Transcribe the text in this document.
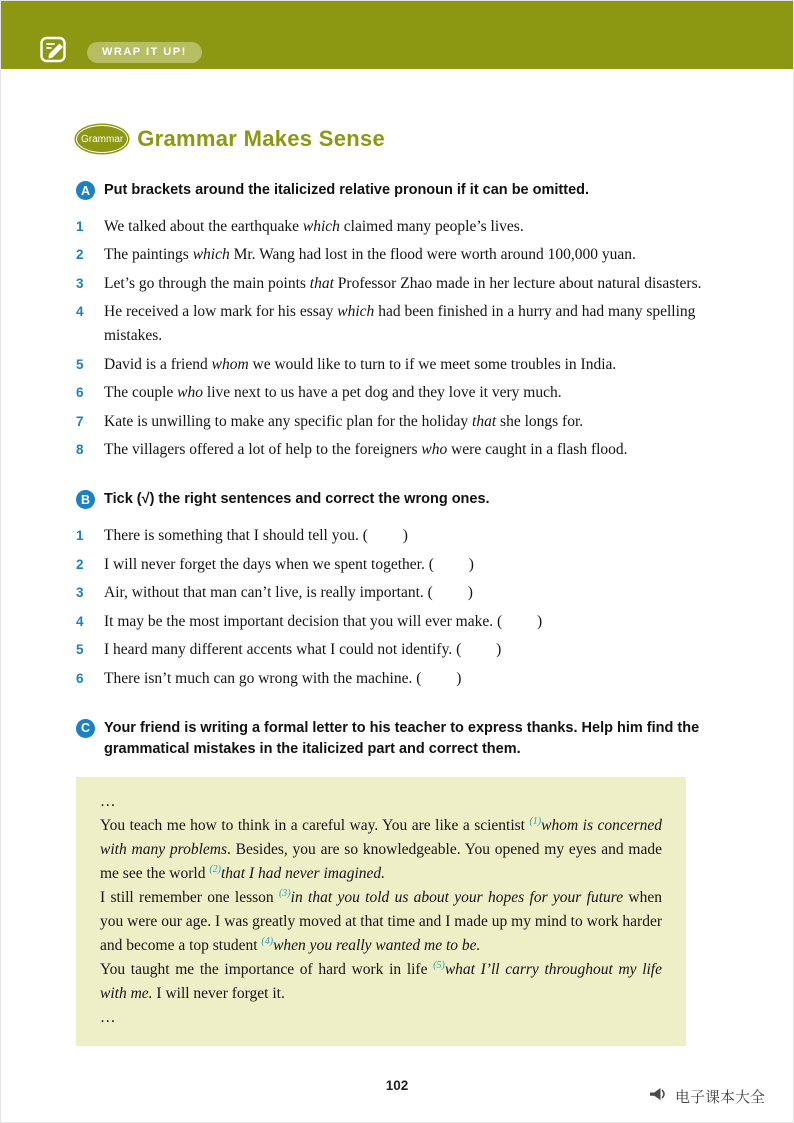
WRAP IT UP!
Grammar Grammar Makes Sense
A Put brackets around the italicized relative pronoun if it can be omitted.

1	We talked about the earthquake which claimed many people’s lives.
2	The paintings which Mr. Wang had lost in the flood were worth around 100,000 yuan.
3	Let’s go through the main points that Professor Zhao made in her lecture about natural disasters.
4	He received a low mark for his essay which had been finished in a hurry and had many spelling mistakes.
5	David is a friend whom we would like to turn to if we meet some troubles in India.
6	The couple who live next to us have a pet dog and they love it very much.
7	Kate is unwilling to make any specific plan for the holiday that she longs for.
8	The villagers offered a lot of help to the foreigners who were caught in a flash flood.
B Tick (√) the right sentences and correct the wrong ones.

1	There is something that I should tell you. (         )
2	I will never forget the days when we spent together. (         )
3	Air, without that man can’t live, is really important. (         )
4	It may be the most important decision that you will ever make. (         )
5	I heard many different accents what I could not identify. (         )
6	There isn’t much can go wrong with the machine. (         )
C Your friend is writing a formal letter to his teacher to express thanks. Help him find the grammatical mistakes in the italicized part and correct them.

…

You teach me how to think in a careful way. You are like a scientist $^{(1)}$whom is concerned with many problems. Besides, you are so knowledgeable. You opened my eyes and made me see the world $^{(2)}$that I had never imagined.

I still remember one lesson $^{(3)}$in that you told us about your hopes for your future when you were our age. I was greatly moved at that time and I made up my mind to work harder and become a top student $^{(4)}$when you really wanted me to be.

You taught me the importance of hard work in life $^{(5)}$what I’ll carry throughout my life with me. I will never forget it.

…

102
电子课本大全
